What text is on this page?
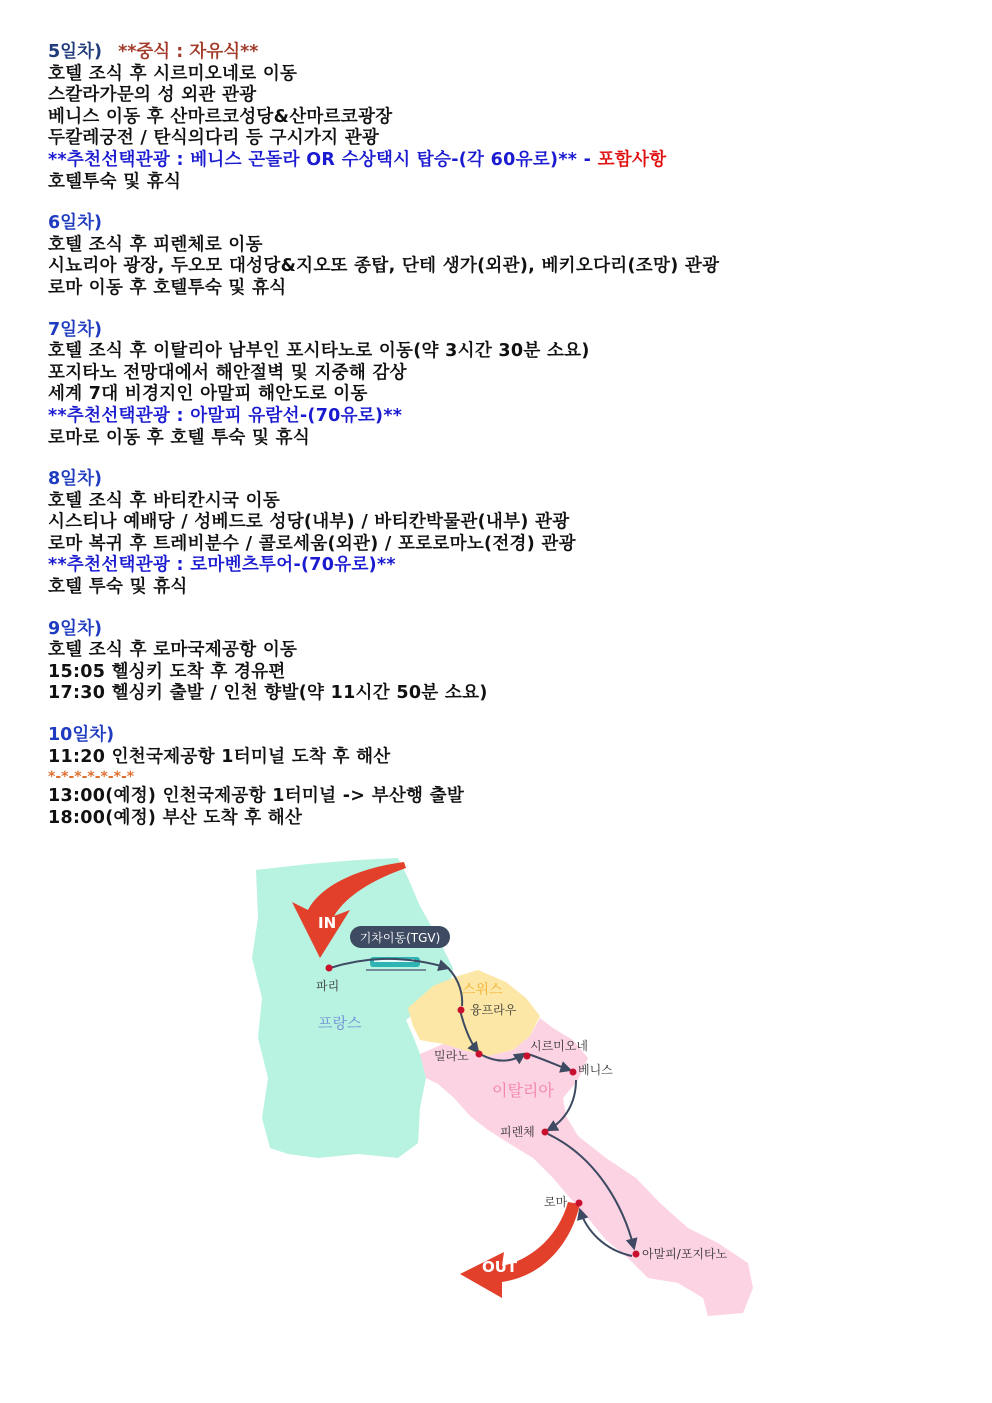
5일차) **중식 : 자유식**
호텔 조식 후 시르미오네로 이동
스칼라가문의 성 외관 관광
베니스 이동 후 산마르코성당&산마르코광장
두칼레궁전 / 탄식의다리 등 구시가지 관광
**추천선택관광 : 베니스 곤돌라 OR 수상택시 탑승-(각 60유로)** - 포함사항
호텔투숙 및 휴식
6일차)
호텔 조식 후 피렌체로 이동
시뇨리아 광장, 두오모 대성당&지오또 종탑, 단테 생가(외관), 베키오다리(조망) 관광
로마 이동 후 호텔투숙 및 휴식
7일차)
호텔 조식 후 이탈리아 남부인 포시타노로 이동(약 3시간 30분 소요)
포지타노 전망대에서 해안절벽 및 지중해 감상
세계 7대 비경지인 아말피 해안도로 이동
**추천선택관광 : 아말피 유람선-(70유로)**
로마로 이동 후 호텔 투숙 및 휴식
8일차)
호텔 조식 후 바티칸시국 이동
시스티나 예배당 / 성베드로 성당(내부) / 바티칸박물관(내부) 관광
로마 복귀 후 트레비분수 / 콜로세움(외관) / 포로로마노(전경) 관광
**추천선택관광 : 로마벤츠투어-(70유로)**
호텔 투숙 및 휴식
9일차)
호텔 조식 후 로마국제공항 이동
15:05 헬싱키 도착 후 경유편
17:30 헬싱키 출발 / 인천 향발(약 11시간 50분 소요)
10일차)
11:20 인천국제공항 1터미널 도착 후 해산
*-*-*-*-*-*-*
13:00(예정) 인천국제공항 1터미널 -> 부산행 출발
18:00(예정) 부산 도착 후 해산
IN
OUT
기차이동(TGV)
프랑스
스위스
이탈리아
파리
융프라우
밀라노
시르미오네
베니스
피렌체
로마
아말피/포지타노
